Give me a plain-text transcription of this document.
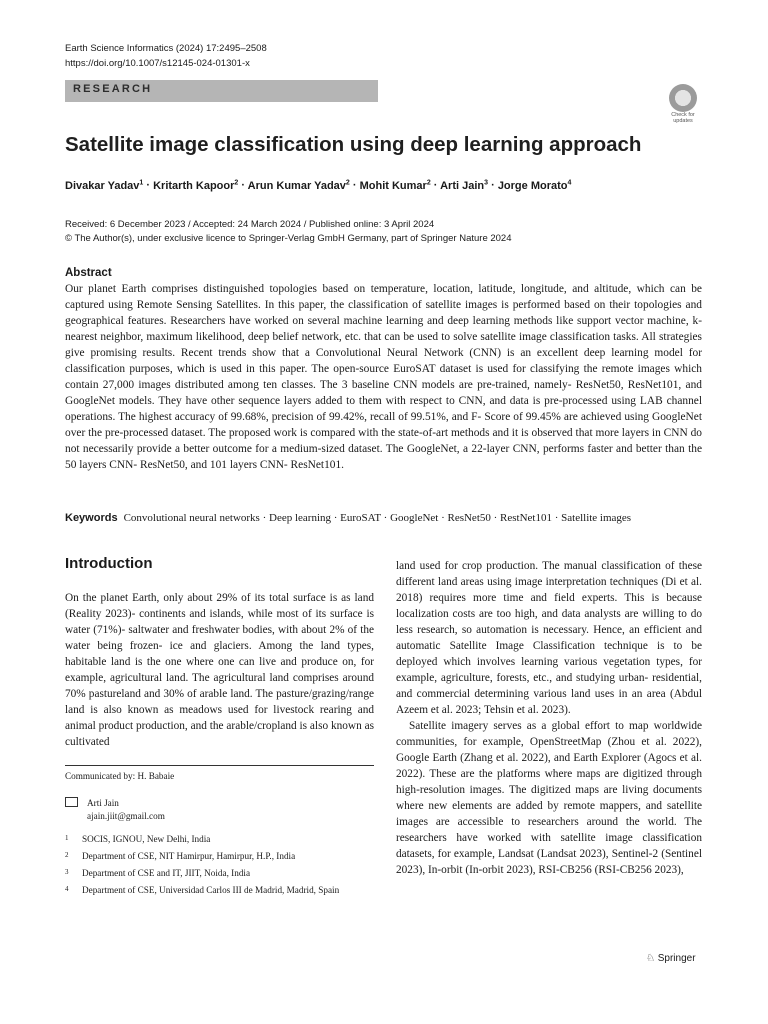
Earth Science Informatics (2024) 17:2495–2508
https://doi.org/10.1007/s12145-024-01301-x
RESEARCH
Check for updates
Satellite image classification using deep learning approach
Divakar Yadav$^1$ · Kritarth Kapoor$^2$ · Arun Kumar Yadav$^2$ · Mohit Kumar$^2$ · Arti Jain$^3$ · Jorge Morato$^4$
Received: 6 December 2023 / Accepted: 24 March 2024 / Published online: 3 April 2024
© The Author(s), under exclusive licence to Springer-Verlag GmbH Germany, part of Springer Nature 2024
Abstract
Our planet Earth comprises distinguished topologies based on temperature, location, latitude, longitude, and altitude, which can be captured using Remote Sensing Satellites. In this paper, the classification of satellite images is performed based on their topologies and geographical features. Researchers have worked on several machine learning and deep learning methods like support vector machine, k-nearest neighbor, maximum likelihood, deep belief network, etc. that can be used to solve satellite image classification tasks. All strategies give promising results. Recent trends show that a Convolutional Neural Network (CNN) is an excellent deep learning model for classification purposes, which is used in this paper. The open-source EuroSAT dataset is used for classifying the remote images which contain 27,000 images distributed among ten classes. The 3 baseline CNN models are pre-trained, namely- ResNet50, ResNet101, and GoogleNet models. They have other sequence layers added to them with respect to CNN, and data is pre-processed using LAB channel operations. The highest accuracy of 99.68%, precision of 99.42%, recall of 99.51%, and F- Score of 99.45% are achieved using GoogleNet over the pre-processed dataset. The proposed work is compared with the state-of-art methods and it is observed that more layers in CNN do not necessarily provide a better outcome for a medium-sized dataset. The GoogleNet, a 22-layer CNN, performs faster and better than the 50 layers CNN- ResNet50, and 101 layers CNN- ResNet101.
Keywords Convolutional neural networks · Deep learning · EuroSAT · GoogleNet · ResNet50 · RestNet101 · Satellite images
Introduction

On the planet Earth, only about 29% of its total surface is as land (Reality 2023)- continents and islands, while most of its surface is water (71%)- saltwater and freshwater bodies, with about 2% of the water being frozen- ice and glaciers. Among the land types, habitable land is the one where one can live and produce on, for example, agricultural land. The agricultural land comprises around 70% pastureland and 30% of arable land. The pasture/grazing/range land is also known as meadows used for livestock rearing and animal product production, and the arable/cropland is also known as cultivated

land used for crop production. The manual classification of these different land areas using image interpretation techniques (Di et al. 2018) requires more time and field experts. This is because localization costs are too high, and data analysts are willing to do less research, so automation is necessary. Hence, an efficient and automatic Satellite Image Classification technique is to be deployed which involves learning various vegetation types, for example, agriculture, forests, etc., and studying urban- residential, and commercial determining various land uses in an area (Abdul Azeem et al. 2023; Tehsin et al. 2023).

Satellite imagery serves as a global effort to map worldwide communities, for example, OpenStreetMap (Zhou et al. 2022), Google Earth (Zhang et al. 2022), and Earth Explorer (Agocs et al. 2022). These are the platforms where maps are digitized through high-resolution images. The digitized maps are living documents where new elements are added by remote mappers, and satellite images are accessible to researchers around the world. The researchers have worked with satellite image classification datasets, for example, Landsat (Landsat 2023), Sentinel-2 (Sentinel 2023), In-orbit (In-orbit 2023), RSI-CB256 (RSI-CB256 2023),

Communicated by: H. Babaie
Arti Jain
ajain.jiit@gmail.com
1	SOCIS, IGNOU, New Delhi, India
2	Department of CSE, NIT Hamirpur, Hamirpur, H.P., India
3	Department of CSE and IT, JIIT, Noida, India
4	Department of CSE, Universidad Carlos III de Madrid, Madrid, Spain
♘ Springer
